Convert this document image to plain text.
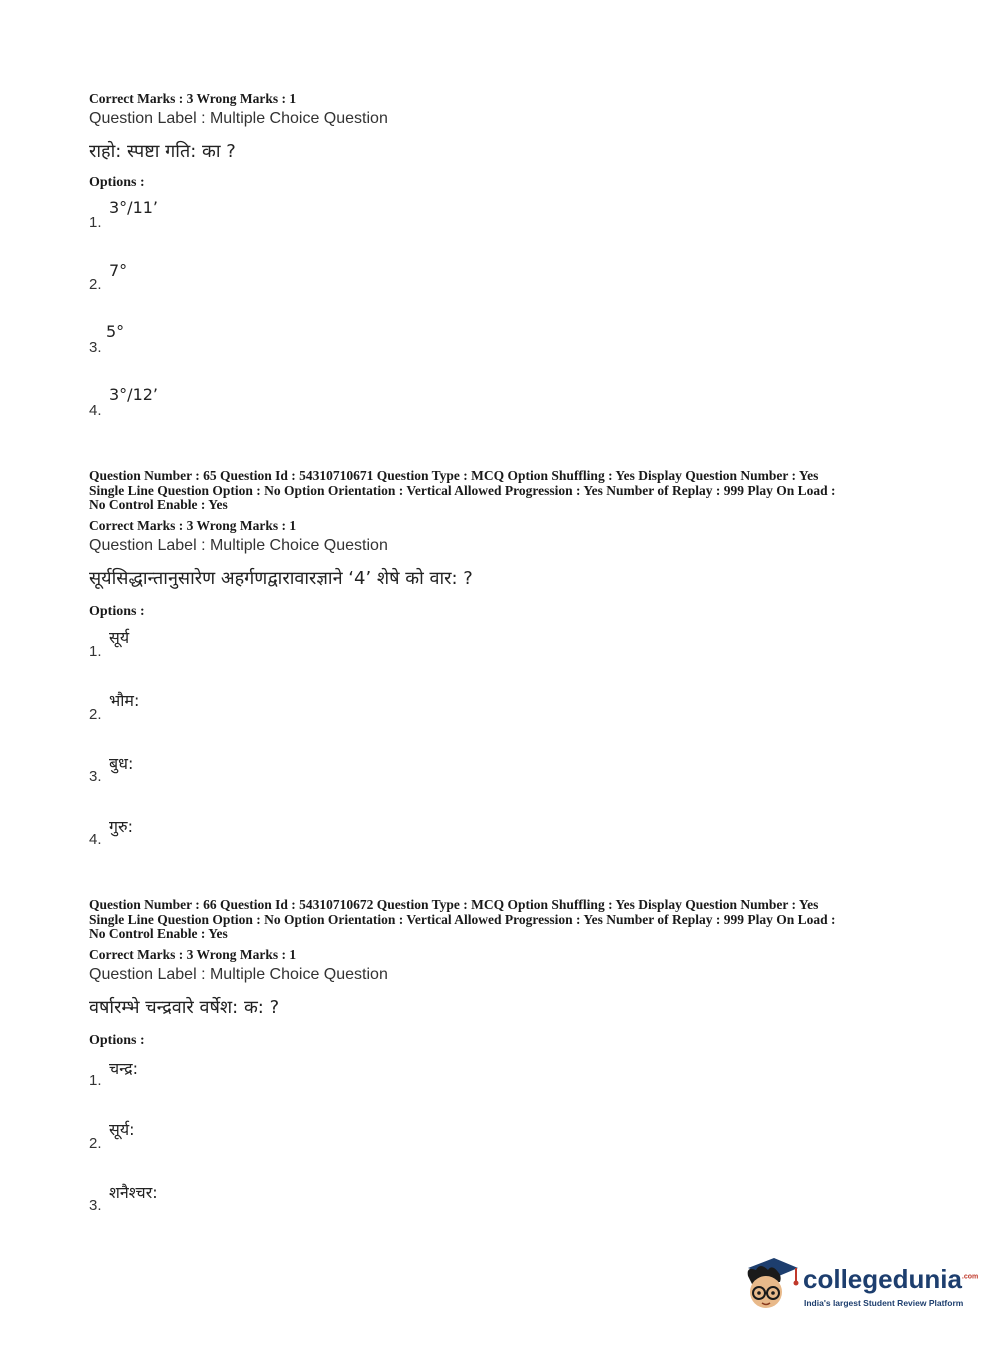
Correct Marks : 3 Wrong Marks : 1
Question Label : Multiple Choice Question
राहो: स्पष्टा गति: का ?
Options :
1.
3°/11’
2.
7°
3.
5°
4.
3°/12’
Question Number : 65 Question Id : 54310710671 Question Type : MCQ Option Shuffling : Yes Display Question Number : Yes
Single Line Question Option : No Option Orientation : Vertical Allowed Progression : Yes Number of Replay : 999 Play On Load :
No Control Enable : Yes
Correct Marks : 3 Wrong Marks : 1
Question Label : Multiple Choice Question
सूर्यसिद्धान्तानुसारेण अहर्गणद्वारावारज्ञाने ‘4’ शेषे को वार: ?
Options :
1.
सूर्य
2.
भौम:
3.
बुध:
4.
गुरु:
Question Number : 66 Question Id : 54310710672 Question Type : MCQ Option Shuffling : Yes Display Question Number : Yes
Single Line Question Option : No Option Orientation : Vertical Allowed Progression : Yes Number of Replay : 999 Play On Load :
No Control Enable : Yes
Correct Marks : 3 Wrong Marks : 1
Question Label : Multiple Choice Question
वर्षारम्भे चन्द्रवारे वर्षेश: क: ?
Options :
1.
चन्द्र:
2.
सूर्य:
3.
शनैश्चर:
collegedunia$^{.com}$
India's largest Student Review Platform
